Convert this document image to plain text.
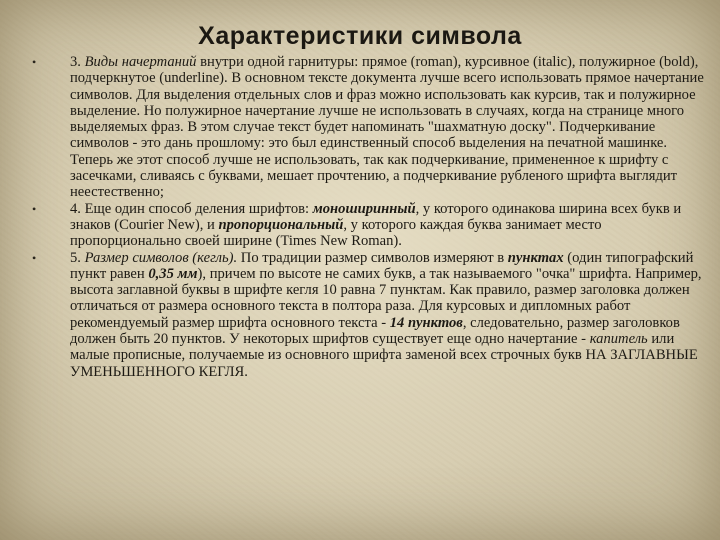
Характеристики символа
• 3. Виды начертаний внутри одной гарнитуры: прямое (roman), курсивное (italic), полужирное (bold), подчеркнутое (underline). В основном тексте документа лучше всего использовать прямое начертание символов. Для выделения отдельных слов и фраз можно использовать как курсив, так и полужирное выделение. Но полужирное начертание лучше не использовать в случаях, когда на странице много выделяемых фраз. В этом случае текст будет напоминать "шахматную доску". Подчеркивание символов - это дань прошлому: это был единственный способ выделения на печатной машинке. Теперь же этот способ лучше не использовать, так как подчеркивание, примененное к шрифту с засечками, сливаясь с буквами, мешает прочтению, а подчеркивание рубленого шрифта выглядит неестественно;
• 4. Еще один способ деления шрифтов: моноширинный, у которого одинакова ширина всех букв и знаков (Courier New), и пропорциональный, у которого каждая буква занимает место пропорционально своей ширине (Times New Roman).
• 5. Размер символов (кегль). По традиции размер символов измеряют в пунктах (один типографский пункт равен 0,35 мм), причем по высоте не самих букв, а так называемого "очка" шрифта. Например, высота заглавной буквы в шрифте кегля 10 равна 7 пунктам. Как правило, размер заголовка должен отличаться от размера основного текста в полтора раза. Для курсовых и дипломных работ рекомендуемый размер шрифта основного текста - 14 пунктов, следовательно, размер заголовков должен быть 20 пунктов. У некоторых шрифтов существует еще одно начертание - капитель или малые прописные, получаемые из основного шрифта заменой всех строчных букв НА ЗАГЛАВНЫЕ УМЕНЬШЕННОГО КЕГЛЯ.
